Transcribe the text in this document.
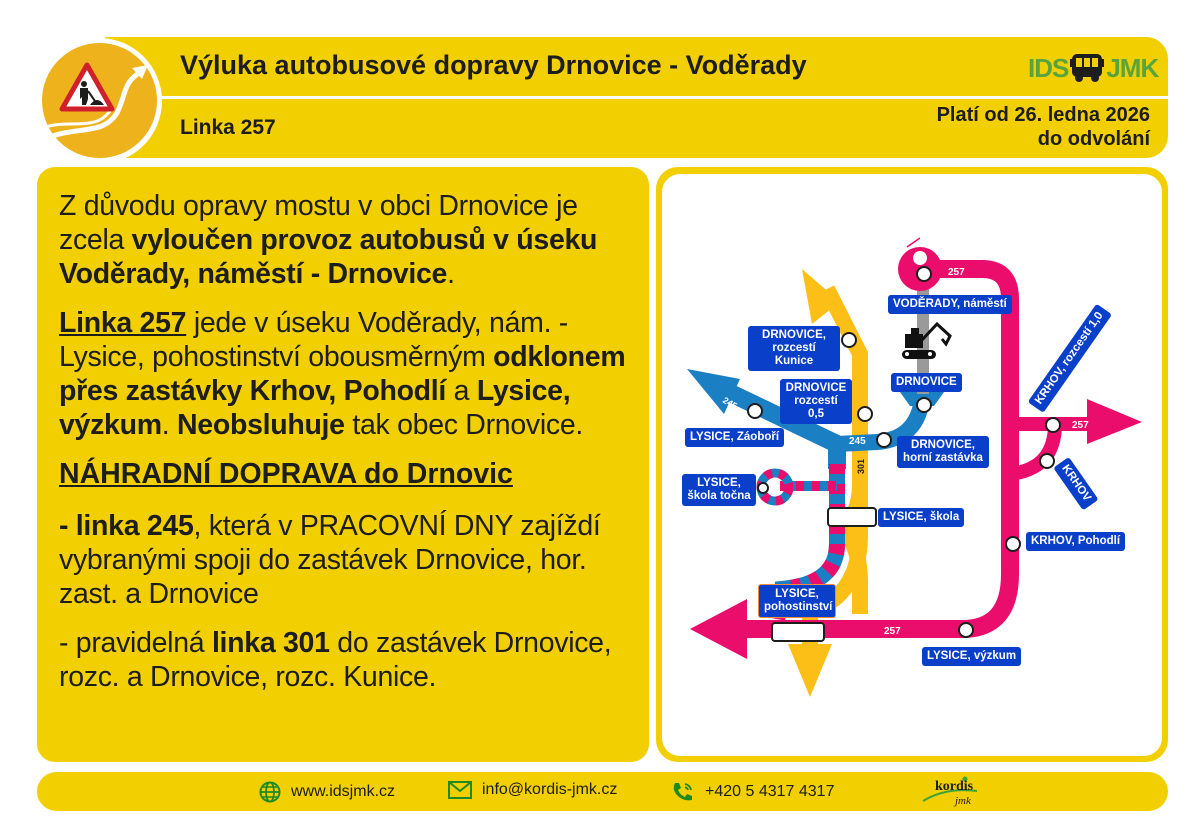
Výluka autobusové dopravy Drnovice - Voděrady
Linka 257
Platí od 26. ledna 2026
do odvolání
IDS JMK

Z důvodu opravy mostu v obci Drnovice je zcela vyloučen provoz autobusů v úseku Voděrady, náměstí - Drnovice.

Linka 257 jede v úseku Voděrady, nám. - Lysice, pohostinství obousměrným odklonem přes zastávky Krhov, Pohodlí a Lysice, výzkum. Neobsluhuje tak obec Drnovice.

NÁHRADNÍ DOPRAVA do Drnovic

- linka 245, která v PRACOVNÍ DNY zajíždí vybranými spoji do zastávek Drnovice, hor. zast. a Drnovice

- pravidelná linka 301 do zastávek Drnovice, rozc. a Drnovice, rozc. Kunice.

257
257
257
245
245
301
VODĚRADY, náměstí
DRNOVICE
DRNOVICE, rozcestí Kunice
DRNOVICE rozcestí 0,5
LYSICE, Záoboří
DRNOVICE, horní zastávka
LYSICE, škola točna
LYSICE, škola
LYSICE, pohostinství
LYSICE, výzkum
KRHOV, Pohodlí
KRHOV
KRHOV, rozcestí 1,0
www.idsjmk.cz	info@kordis-jmk.cz	+420 5 4317 4317	kordis
jmk
